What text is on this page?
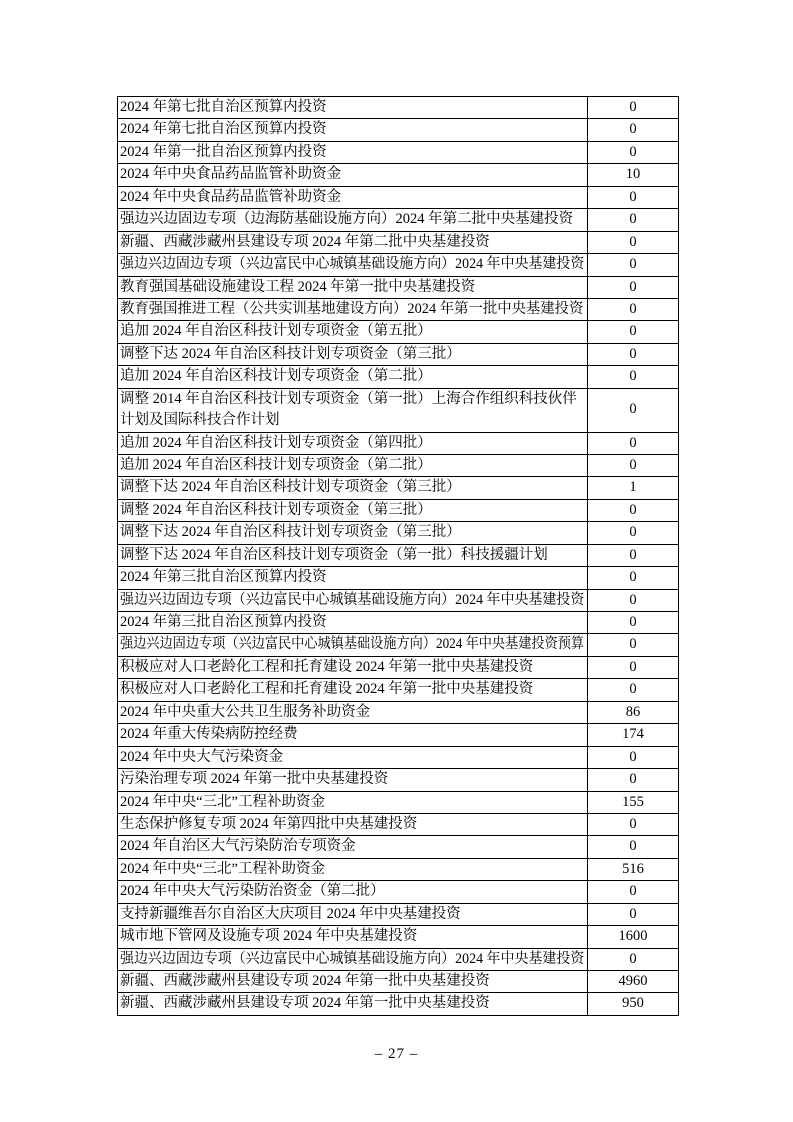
2024 年第七批自治区预算内投资	0
2024 年第七批自治区预算内投资	0
2024 年第一批自治区预算内投资	0
2024 年中央食品药品监管补助资金	10
2024 年中央食品药品监管补助资金	0
强边兴边固边专项（边海防基础设施方向）2024 年第二批中央基建投资	0
新疆、西藏涉藏州县建设专项 2024 年第二批中央基建投资	0
强边兴边固边专项（兴边富民中心城镇基础设施方向）2024 年中央基建投资	0
教育强国基础设施建设工程 2024 年第一批中央基建投资	0
教育强国推进工程（公共实训基地建设方向）2024 年第一批中央基建投资	0
追加 2024 年自治区科技计划专项资金（第五批）	0
调整下达 2024 年自治区科技计划专项资金（第三批）	0
追加 2024 年自治区科技计划专项资金（第二批）	0
调整 2014 年自治区科技计划专项资金（第一批）上海合作组织科技伙伴计划及国际科技合作计划	0
追加 2024 年自治区科技计划专项资金（第四批）	0
追加 2024 年自治区科技计划专项资金（第二批）	0
调整下达 2024 年自治区科技计划专项资金（第三批）	1
调整 2024 年自治区科技计划专项资金（第三批）	0
调整下达 2024 年自治区科技计划专项资金（第三批）	0
调整下达 2024 年自治区科技计划专项资金（第一批）科技援疆计划	0
2024 年第三批自治区预算内投资	0
强边兴边固边专项（兴边富民中心城镇基础设施方向）2024 年中央基建投资	0
2024 年第三批自治区预算内投资	0
强边兴边固边专项（兴边富民中心城镇基础设施方向）2024 年中央基建投资预算	0
积极应对人口老龄化工程和托育建设 2024 年第一批中央基建投资	0
积极应对人口老龄化工程和托育建设 2024 年第一批中央基建投资	0
2024 年中央重大公共卫生服务补助资金	86
2024 年重大传染病防控经费	174
2024 年中央大气污染资金	0
污染治理专项 2024 年第一批中央基建投资	0
2024 年中央“三北”工程补助资金	155
生态保护修复专项 2024 年第四批中央基建投资	0
2024 年自治区大气污染防治专项资金	0
2024 年中央“三北”工程补助资金	516
2024 年中央大气污染防治资金（第二批）	0
支持新疆维吾尔自治区大庆项目 2024 年中央基建投资	0
城市地下管网及设施专项 2024 年中央基建投资	1600
强边兴边固边专项（兴边富民中心城镇基础设施方向）2024 年中央基建投资	0
新疆、西藏涉藏州县建设专项 2024 年第一批中央基建投资	4960
新疆、西藏涉藏州县建设专项 2024 年第一批中央基建投资	950
– 27 –
